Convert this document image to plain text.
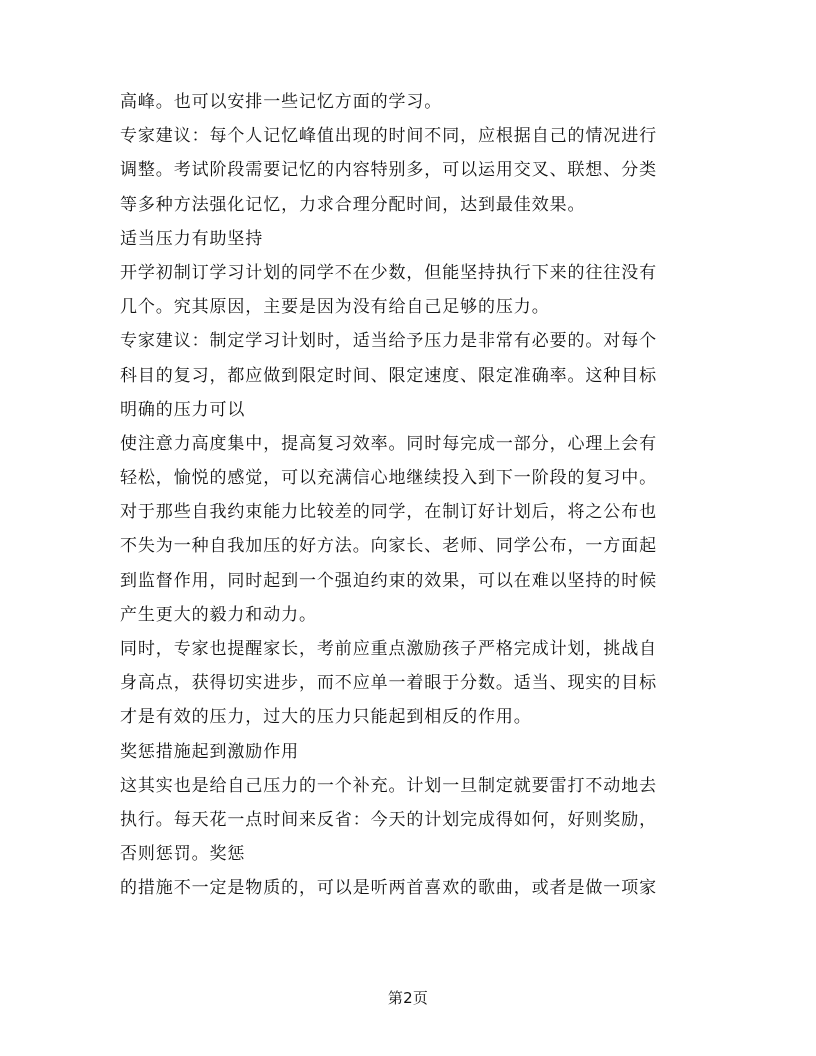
高峰。也可以安排一些记忆方面的学习。
专家建议：每个人记忆峰值出现的时间不同，应根据自己的情况进行
调整。考试阶段需要记忆的内容特别多，可以运用交叉、联想、分类
等多种方法强化记忆，力求合理分配时间，达到最佳效果。
适当压力有助坚持
开学初制订学习计划的同学不在少数，但能坚持执行下来的往往没有
几个。究其原因，主要是因为没有给自己足够的压力。
专家建议：制定学习计划时，适当给予压力是非常有必要的。对每个
科目的复习，都应做到限定时间、限定速度、限定准确率。这种目标
明确的压力可以
使注意力高度集中，提高复习效率。同时每完成一部分，心理上会有
轻松，愉悦的感觉，可以充满信心地继续投入到下一阶段的复习中。
对于那些自我约束能力比较差的同学，在制订好计划后，将之公布也
不失为一种自我加压的好方法。向家长、老师、同学公布，一方面起
到监督作用，同时起到一个强迫约束的效果，可以在难以坚持的时候
产生更大的毅力和动力。
同时，专家也提醒家长，考前应重点激励孩子严格完成计划，挑战自
身高点，获得切实进步，而不应单一着眼于分数。适当、现实的目标
才是有效的压力，过大的压力只能起到相反的作用。
奖惩措施起到激励作用
这其实也是给自己压力的一个补充。计划一旦制定就要雷打不动地去
执行。每天花一点时间来反省：今天的计划完成得如何，好则奖励，
否则惩罚。奖惩
的措施不一定是物质的，可以是听两首喜欢的歌曲，或者是做一项家
第2页
